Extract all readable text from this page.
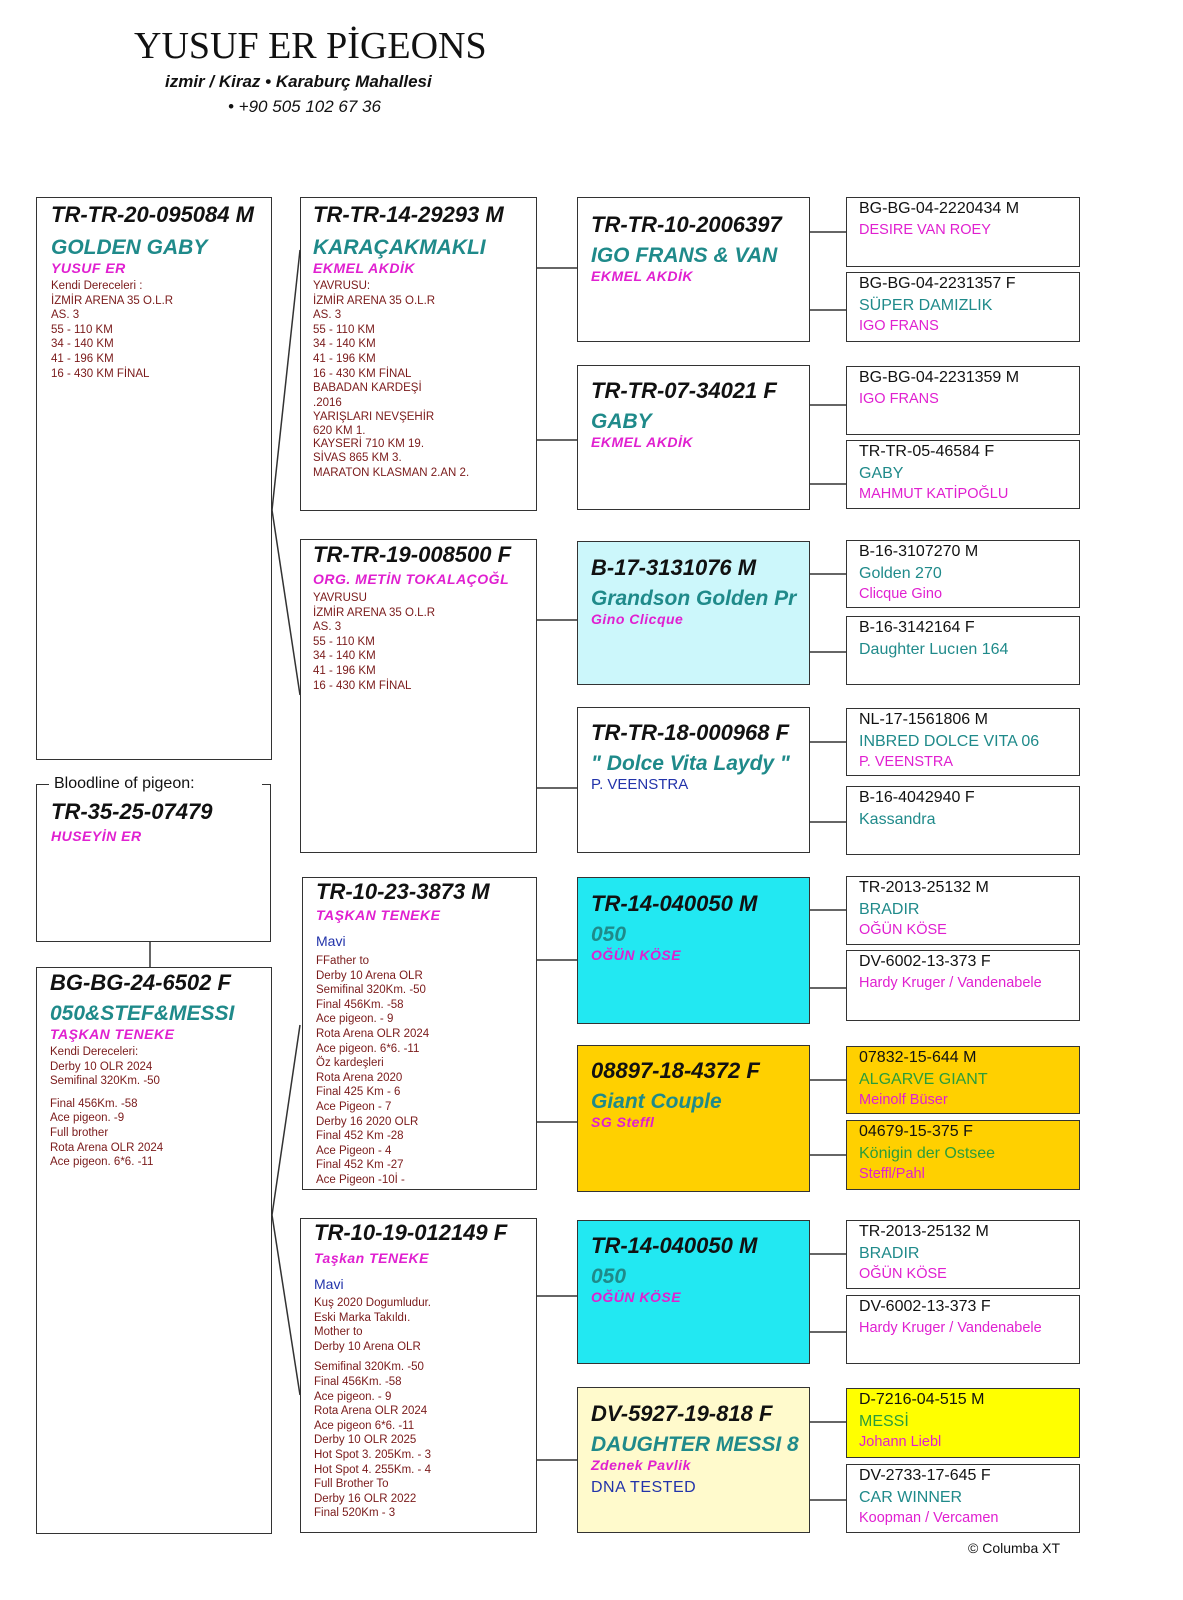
YUSUF ER PİGEONS
izmir / Kiraz • Karaburç Mahallesi
• +90 505 102 67 36
TR-TR-20-095084 M
GOLDEN GABY
YUSUF ER
Kendi Dereceleri :
İZMİR ARENA 35 O.L.R
AS. 3
55 - 110 KM
34 - 140 KM
41 - 196 KM
16 - 430 KM FİNAL
Bloodline of pigeon:
TR-35-25-07479
HUSEYİN ER
BG-BG-24-6502 F
050&STEF&MESSI
TAŞKAN TENEKE
Kendi Dereceleri:
Derby 10 OLR 2024
Semifinal 320Km. -50
Final 456Km. -58
Ace pigeon. -9
Full brother
Rota Arena OLR 2024
Ace pigeon. 6*6. -11
TR-TR-14-29293 M
KARAÇAKMAKLI
EKMEL AKDİK
YAVRUSU:
İZMİR ARENA 35 O.L.R
AS. 3
55 - 110 KM
34 - 140 KM
41 - 196 KM
16 - 430 KM FİNAL
BABADAN KARDEŞİ
.2016
YARIŞLARI NEVŞEHİR
620 KM 1.
KAYSERİ 710 KM 19.
SİVAS 865 KM 3.
MARATON KLASMAN 2.AN 2.
TR-TR-19-008500 F
ORG. METİN TOKALAÇOĞL
YAVRUSU
İZMİR ARENA 35 O.L.R
AS. 3
55 - 110 KM
34 - 140 KM
41 - 196 KM
16 - 430 KM FİNAL
TR-10-23-3873 M
TAŞKAN TENEKE
Mavi
FFather to
Derby 10 Arena OLR
Semifinal 320Km. -50
Final 456Km. -58
Ace pigeon. - 9
Rota Arena OLR 2024
Ace pigeon. 6*6. -11
Öz kardeşleri
Rota Arena 2020
Final 425 Km - 6
Ace Pigeon - 7
Derby 16 2020 OLR
Final 452 Km -28
Ace Pigeon - 4
Final 452 Km -27
Ace Pigeon -10İ -
TR-10-19-012149 F
Taşkan TENEKE
Mavi
Kuş 2020 Dogumludur.
Eski Marka Takıldı.
Mother to
Derby 10 Arena OLR
Semifinal 320Km. -50
Final 456Km. -58
Ace pigeon. - 9
Rota Arena OLR 2024
Ace pigeon 6*6. -11
Derby 10 OLR 2025
Hot Spot 3. 205Km. - 3
Hot Spot 4. 255Km. - 4
Full Brother To
Derby 16 OLR 2022
Final 520Km - 3
TR-TR-10-2006397
IGO FRANS & VAN
EKMEL AKDİK
TR-TR-07-34021 F
GABY
EKMEL AKDİK
B-17-3131076 M
Grandson Golden Pr
Gino Clicque
TR-TR-18-000968 F
" Dolce Vita Laydy "
P. VEENSTRA
TR-14-040050 M
050
OĞÜN KÖSE
08897-18-4372 F
Giant Couple
SG Steffl
TR-14-040050 M
050
OĞÜN KÖSE
DV-5927-19-818 F
DAUGHTER MESSI 8
Zdenek Pavlik
DNA TESTED
BG-BG-04-2220434 M
DESIRE VAN ROEY
BG-BG-04-2231357 F
SÜPER DAMIZLIK
IGO FRANS
BG-BG-04-2231359 M
IGO FRANS
TR-TR-05-46584 F
GABY
MAHMUT KATİPOĞLU
B-16-3107270 M
Golden 270
Clicque Gino
B-16-3142164 F
Daughter Lucıen 164
NL-17-1561806 M
INBRED DOLCE VITA 06
P. VEENSTRA
B-16-4042940 F
Kassandra
TR-2013-25132 M
BRADIR
OĞÜN KÖSE
DV-6002-13-373 F
Hardy Kruger / Vandenabele
07832-15-644 M
ALGARVE GIANT
Meinolf Büser
04679-15-375 F
Königin der Ostsee
Steffl/Pahl
TR-2013-25132 M
BRADIR
OĞÜN KÖSE
DV-6002-13-373 F
Hardy Kruger / Vandenabele
D-7216-04-515 M
MESSİ
Johann Liebl
DV-2733-17-645 F
CAR WINNER
Koopman / Vercamen
© Columba XT
